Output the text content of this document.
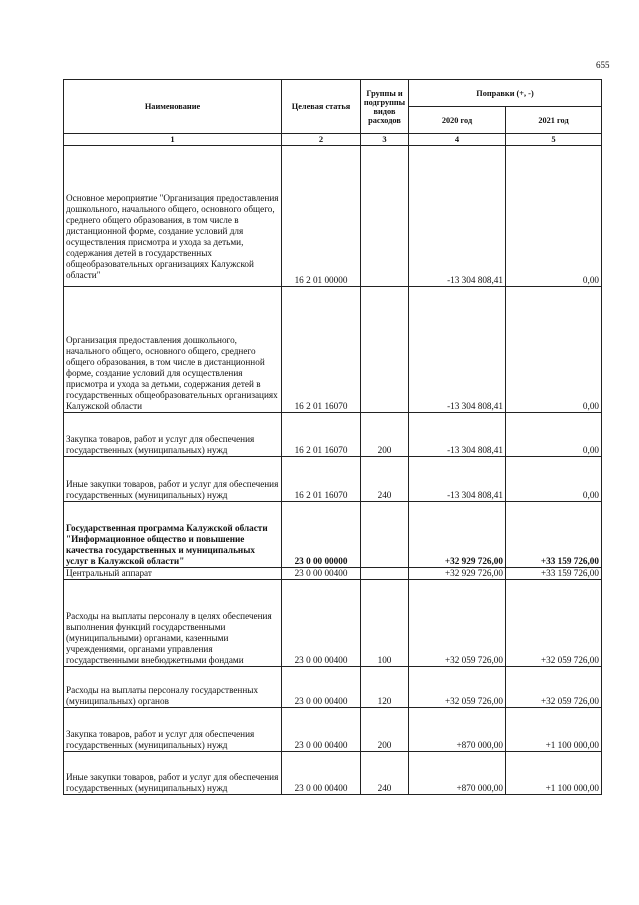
655
Наименование	Целевая статья	Группы и подгруппы видов расходов	Поправки (+, -)	
			2020 год	2021 год
1	2	3	4	5
Основное мероприятие "Организация предоставления дошкольного, начального общего, основного общего, среднего общего образования, в том числе в дистанционной форме, создание условий для осуществления присмотра и ухода за детьми, содержания детей в государственных общеобразовательных организациях Калужской области"	16 2 01 00000		-13 304 808,41	0,00
Организация предоставления дошкольного, начального общего, основного общего, среднего общего образования, в том числе в дистанционной форме, создание условий для осуществления присмотра и ухода за детьми, содержания детей в государственных общеобразовательных организациях Калужской области	16 2 01 16070		-13 304 808,41	0,00
Закупка товаров, работ и услуг для обеспечения государственных (муниципальных) нужд	16 2 01 16070	200	-13 304 808,41	0,00
Иные закупки товаров, работ и услуг для обеспечения государственных (муниципальных) нужд	16 2 01 16070	240	-13 304 808,41	0,00
Государственная программа Калужской области "Информационное общество и повышение качества государственных и муниципальных услуг в Калужской области"	23 0 00 00000		+32 929 726,00	+33 159 726,00
Центральный аппарат	23 0 00 00400		+32 929 726,00	+33 159 726,00
Расходы на выплаты персоналу в целях обеспечения выполнения функций государственными (муниципальными) органами, казенными учреждениями, органами управления государственными внебюджетными фондами	23 0 00 00400	100	+32 059 726,00	+32 059 726,00
Расходы на выплаты персоналу государственных (муниципальных) органов	23 0 00 00400	120	+32 059 726,00	+32 059 726,00
Закупка товаров, работ и услуг для обеспечения государственных (муниципальных) нужд	23 0 00 00400	200	+870 000,00	+1 100 000,00
Иные закупки товаров, работ и услуг для обеспечения государственных (муниципальных) нужд	23 0 00 00400	240	+870 000,00	+1 100 000,00
